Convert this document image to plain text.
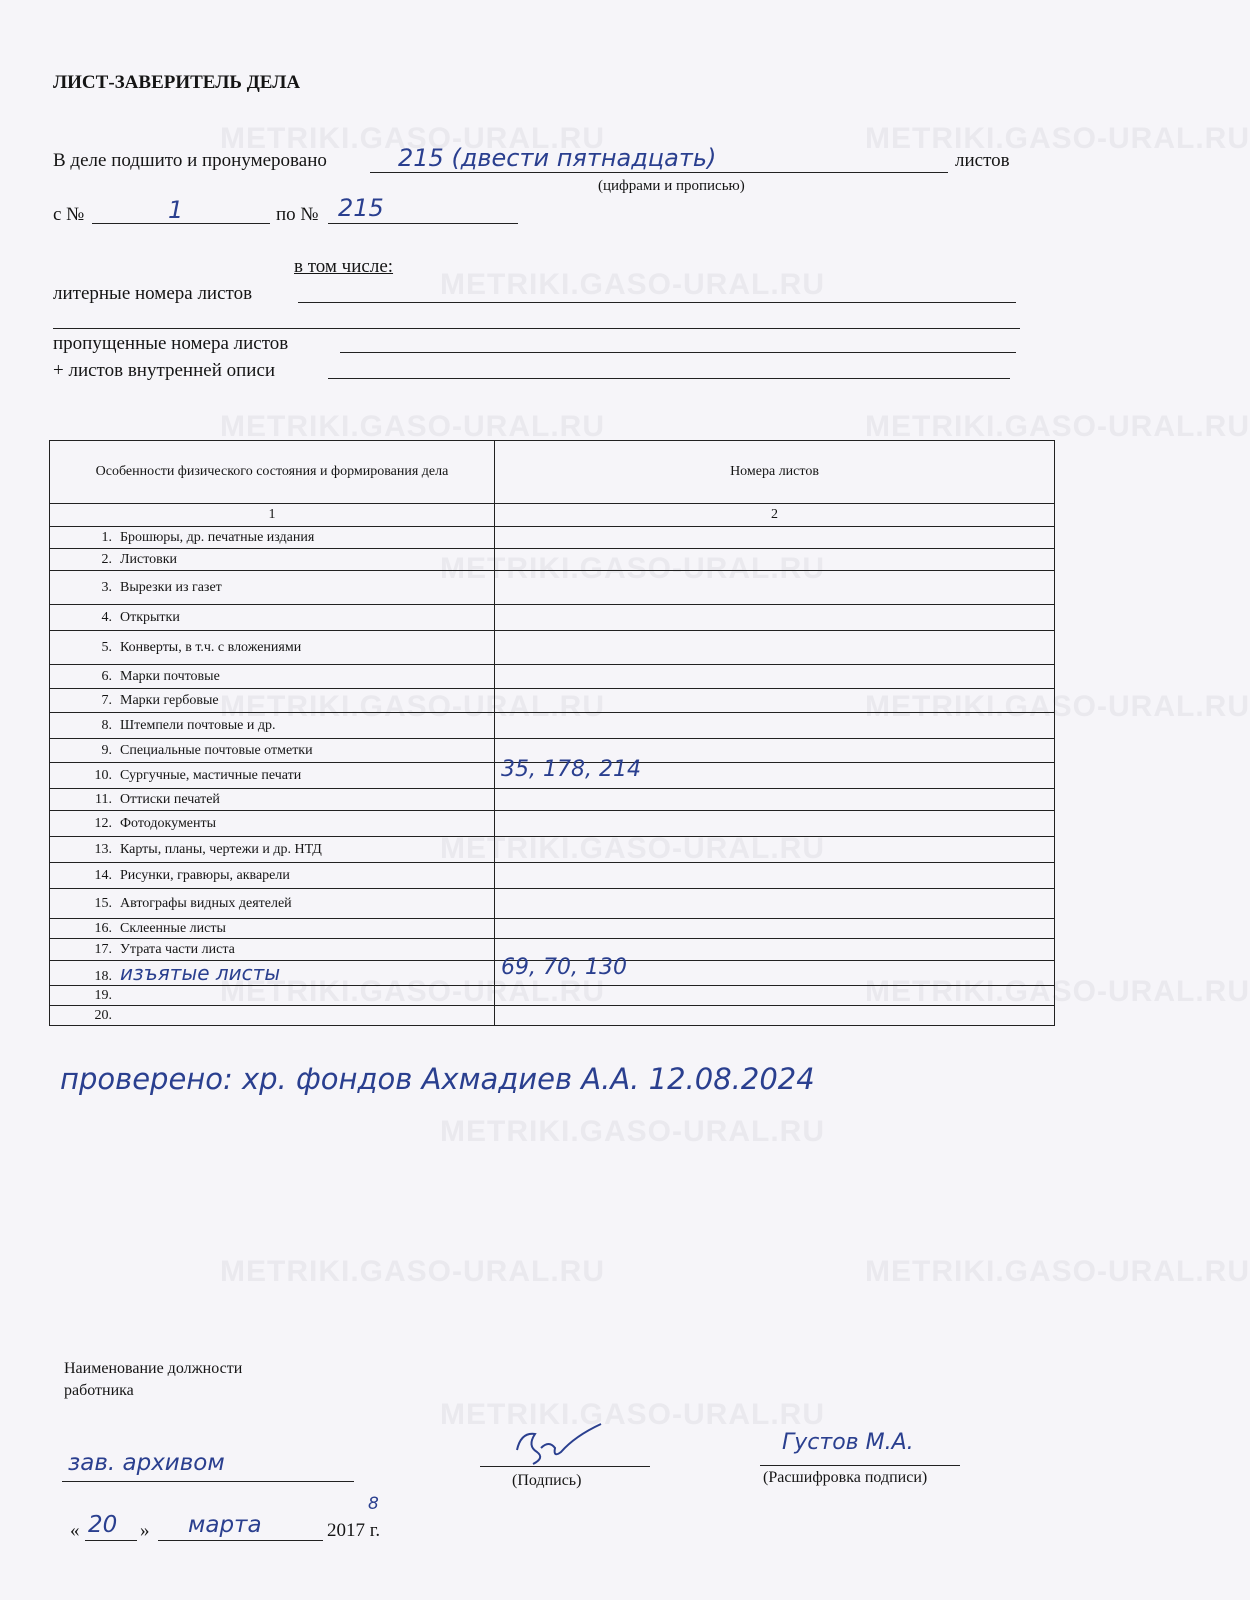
METRIKI.GASO-URAL.RU	METRIKI.GASO-URAL.RU
METRIKI.GASO-URAL.RU
METRIKI.GASO-URAL.RU	METRIKI.GASO-URAL.RU
METRIKI.GASO-URAL.RU
METRIKI.GASO-URAL.RU	METRIKI.GASO-URAL.RU
METRIKI.GASO-URAL.RU
METRIKI.GASO-URAL.RU	METRIKI.GASO-URAL.RU
METRIKI.GASO-URAL.RU
METRIKI.GASO-URAL.RU	METRIKI.GASO-URAL.RU
METRIKI.GASO-URAL.RU
ЛИСТ-ЗАВЕРИТЕЛЬ ДЕЛА
В деле подшито и пронумеровано	215 (двести пятнадцать)	листов
(цифрами и прописью)
с №	1	по № 215
в том числе:
литерные номера листов
пропущенные номера листов
+ листов внутренней описи
Особенности физического состояния и формирования дела	Номера листов
1	2
1. Брошюры, др. печатные издания	

2. Листовки	

3. Вырезки из газет	

4. Открытки	

5. Конверты, в т.ч. с вложениями	

6. Марки почтовые	

7. Марки гербовые	

8. Штемпели почтовые и др.	

9. Специальные почтовые отметки	

10. Сургучные, мастичные печати	35, 178, 214

11. Оттиски печатей	

12. Фотодокументы	

13. Карты, планы, чертежи и др. НТД	

14. Рисунки, гравюры, акварели	

15. Автографы видных деятелей	

16. Склеенные листы	

17. Утрата части листа	

18. изъятые листы	69, 70, 130

19.	

20.	
проверено: хр. фондов Ахмадиев А.А. 12.08.2024
Наименование должности работника
зав. архивом
(Подпись)
Густов М.А.
(Расшифровка подписи)
« 20 » марта	2017 г.
8
